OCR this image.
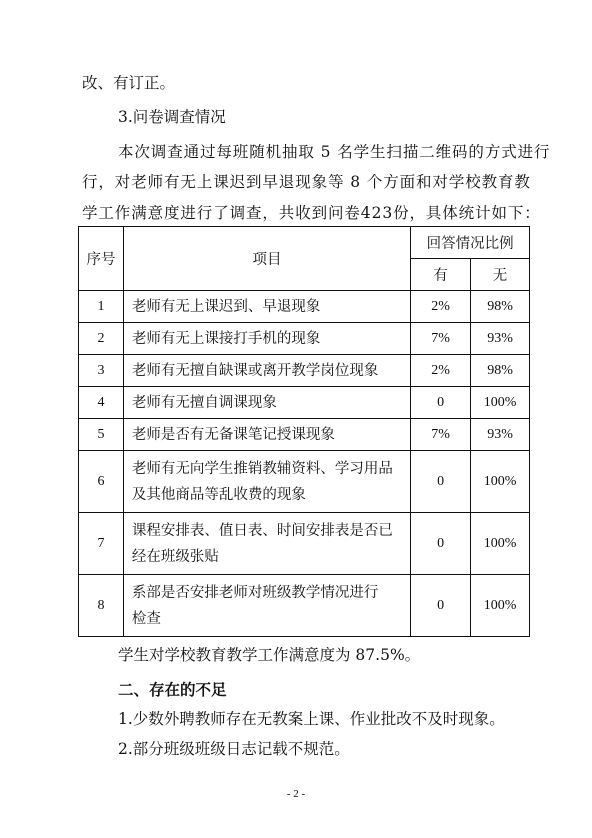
改、有订正。
3.问卷调查情况
本次调查通过每班随机抽取 5 名学生扫描二维码的方式进行
行，对老师有无上课迟到早退现象等 8 个方面和对学校教育教
学工作满意度进行了调查，共收到问卷423份，具体统计如下：
序号	项目	回答情况比例	
		有	无
1	老师有无上课迟到、早退现象	2%	98%
2	老师有无上课接打手机的现象	7%	93%
3	老师有无擅自缺课或离开教学岗位现象	2%	98%
4	老师有无擅自调课现象	0	100%
5	老师是否有无备课笔记授课现象	7%	93%
6	老师有无向学生推销教辅资料、学习用品
及其他商品等乱收费的现象	0	100%
7	课程安排表、值日表、时间安排表是否已
经在班级张贴	0	100%
8	系部是否安排老师对班级教学情况进行
检查	0	100%
学生对学校教育教学工作满意度为 87.5%。
二、存在的不足
1.少数外聘教师存在无教案上课、作业批改不及时现象。
2.部分班级班级日志记载不规范。
- 2 -
